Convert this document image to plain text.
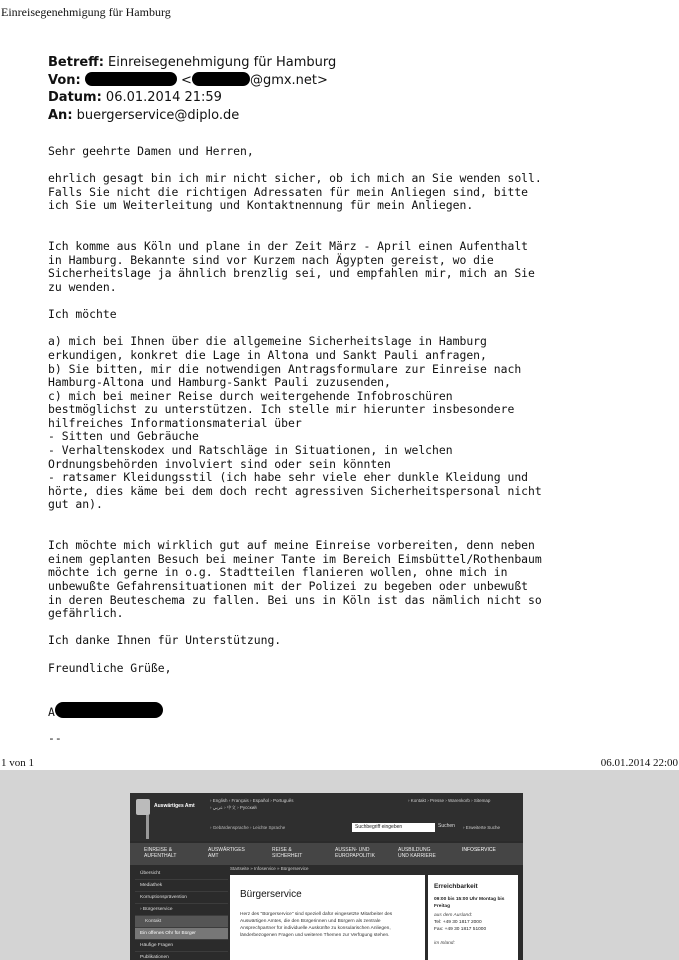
Einreisegenehmigung für Hamburg
Betreff: Einreisegenehmigung für Hamburg
Von:	<	@gmx.net>
Datum: 06.01.2014 21:59
An: buergerservice@diplo.de
Sehr geehrte Damen und Herren,

ehrlich gesagt bin ich mir nicht sicher, ob ich mich an Sie wenden soll.
Falls Sie nicht die richtigen Adressaten für mein Anliegen sind, bitte
ich Sie um Weiterleitung und Kontaktnennung für mein Anliegen.

Ich komme aus Köln und plane in der Zeit März - April einen Aufenthalt
in Hamburg. Bekannte sind vor Kurzem nach Ägypten gereist, wo die
Sicherheitslage ja ähnlich brenzlig sei, und empfahlen mir, mich an Sie
zu wenden.

Ich möchte

a) mich bei Ihnen über die allgemeine Sicherheitslage in Hamburg
erkundigen, konkret die Lage in Altona und Sankt Pauli anfragen,
b) Sie bitten, mir die notwendigen Antragsformulare zur Einreise nach
Hamburg-Altona und Hamburg-Sankt Pauli zuzusenden,
c) mich bei meiner Reise durch weitergehende Infobroschüren
bestmöglichst zu unterstützen. Ich stelle mir hierunter insbesondere
hilfreiches Informationsmaterial über
- Sitten und Gebräuche
- Verhaltenskodex und Ratschläge in Situationen, in welchen
Ordnungsbehörden involviert sind oder sein könnten
- ratsamer Kleidungsstil (ich habe sehr viele eher dunkle Kleidung und
hörte, dies käme bei dem doch recht agressiven Sicherheitspersonal nicht
gut an).

Ich möchte mich wirklich gut auf meine Einreise vorbereiten, denn neben
einem geplanten Besuch bei meiner Tante im Bereich Eimsbüttel/Rothenbaum
möchte ich gerne in o.g. Stadtteilen flanieren wollen, ohne mich in
unbewußte Gefahrensituationen mit der Polizei zu begeben oder unbewußt
in deren Beuteschema zu fallen. Bei uns in Köln ist das nämlich nicht so
gefährlich.

Ich danke Ihnen für Unterstützung.

Freundliche Grüße,
A
--
1 von 1	06.01.2014 22:00
Auswärtiges Amt
› English › Français › Español › Português
› عربي › 中文 › Русский
› Kontakt › Presse › Warenkorb › Sitemap
› Gebärdensprache › Leichte Sprache	Suchbegriff eingeben	Suchen › Erweiterte Suche
EINREISE &
AUFENTHALT
AUSWÄRTIGES
AMT
REISE &
SICHERHEIT
AUSSEN- UND
EUROPAPOLITIK
AUSBILDUNG
UND KARRIERE
INFOSERVICE
Übersicht
Mediathek
Korruptionsprävention
› Bürgerservice
Kontakt
Ein offenes Ohr für Bürger
Häufige Fragen
Publikationen
Startseite » Infoservice » Bürgerservice
Bürgerservice

Herz des "Bürgerservice" sind speziell dafür eingesetzte Mitarbeiter des Auswärtigen Amtes, die den Bürgerinnen und Bürgern als zentrale Ansprechpartner für individuelle Auskünfte zu konsularischen Anliegen, länderbezogenen Fragen und weiteren Themen zur Verfügung stehen.

Erreichbarkeit
09:00 bis 15:00 Uhr Montag bis Freitag
aus dem Ausland:
Tel: +49 30 1817 2000
Fax: +49 30 1817 51000
im Inland:
